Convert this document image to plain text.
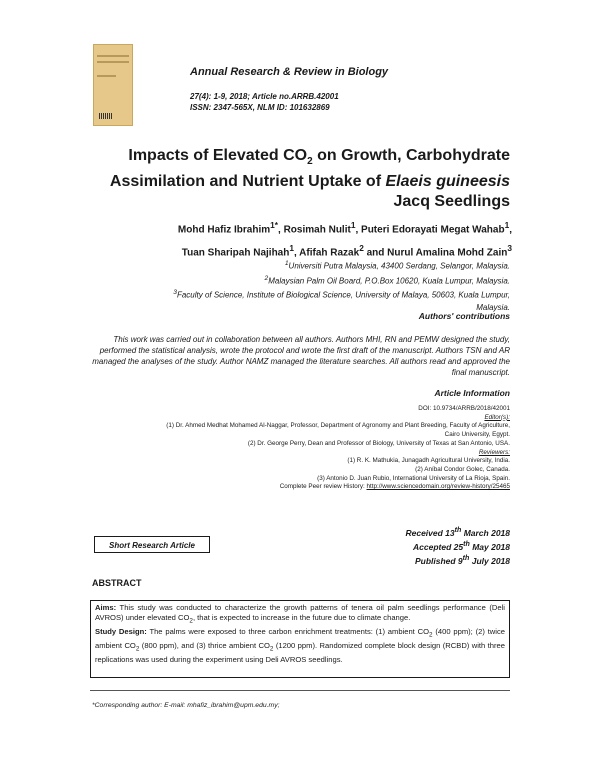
Annual Research & Review in Biology
27(4): 1-9, 2018; Article no.ARRB.42001
ISSN: 2347-565X, NLM ID: 101632869
Impacts of Elevated $CO_2$ on Growth, Carbohydrate
Assimilation and Nutrient Uptake of Elaeis guineesis
Jacq Seedlings
Mohd Hafiz Ibrahim$^{1*}$, Rosimah Nulit$^1$, Puteri Edorayati Megat Wahab$^1$,
Tuan Sharipah Najihah$^1$, Afifah Razak$^2$ and Nurul Amalina Mohd Zain$^3$
$^1$Universiti Putra Malaysia, 43400 Serdang, Selangor, Malaysia.
$^2$Malaysian Palm Oil Board, P.O.Box 10620, Kuala Lumpur, Malaysia.
$^3$Faculty of Science, Institute of Biological Science, University of Malaya, 50603, Kuala Lumpur,
Malaysia.
Authors' contributions
This work was carried out in collaboration between all authors. Authors MHI, RN and PEMW designed the study, performed the statistical analysis, wrote the protocol and wrote the first draft of the manuscript. Authors TSN and AR managed the analyses of the study. Author NAMZ managed the literature searches. All authors read and approved the final manuscript.
Article Information
DOI: 10.9734/ARRB/2018/42001
Editor(s):
(1) Dr. Ahmed Medhat Mohamed Al-Naggar, Professor, Department of Agronomy and Plant Breeding, Faculty of Agriculture,
Cairo University, Egypt.
(2) Dr. George Perry, Dean and Professor of Biology, University of Texas at San Antonio, USA.
Reviewers:
(1) R. K. Mathukia, Junagadh Agricultural University, India.
(2) Aníbal Condor Golec, Canada.
(3) Antonio D. Juan Rubio, International University of La Rioja, Spain.
Complete Peer review History: http://www.sciencedomain.org/review-history/25465
Short Research Article
Received 13th March 2018
Accepted 25th May 2018
Published 9th July 2018
ABSTRACT
Aims: This study was conducted to characterize the growth patterns of tenera oil palm seedlings performance (Deli AVROS) under elevated $CO_2$, that is expected to increase in the future due to climate change.
Study Design: The palms were exposed to three carbon enrichment treatments: (1) ambient $CO_2$ (400 ppm); (2) twice ambient $CO_2$ (800 ppm), and (3) thrice ambient $CO_2$ (1200 ppm). Randomized complete block design (RCBD) with three replications was used during the experiment using Deli AVROS seedlings.
*Corresponding author: E-mail: mhafiz_ibrahim@upm.edu.my;
